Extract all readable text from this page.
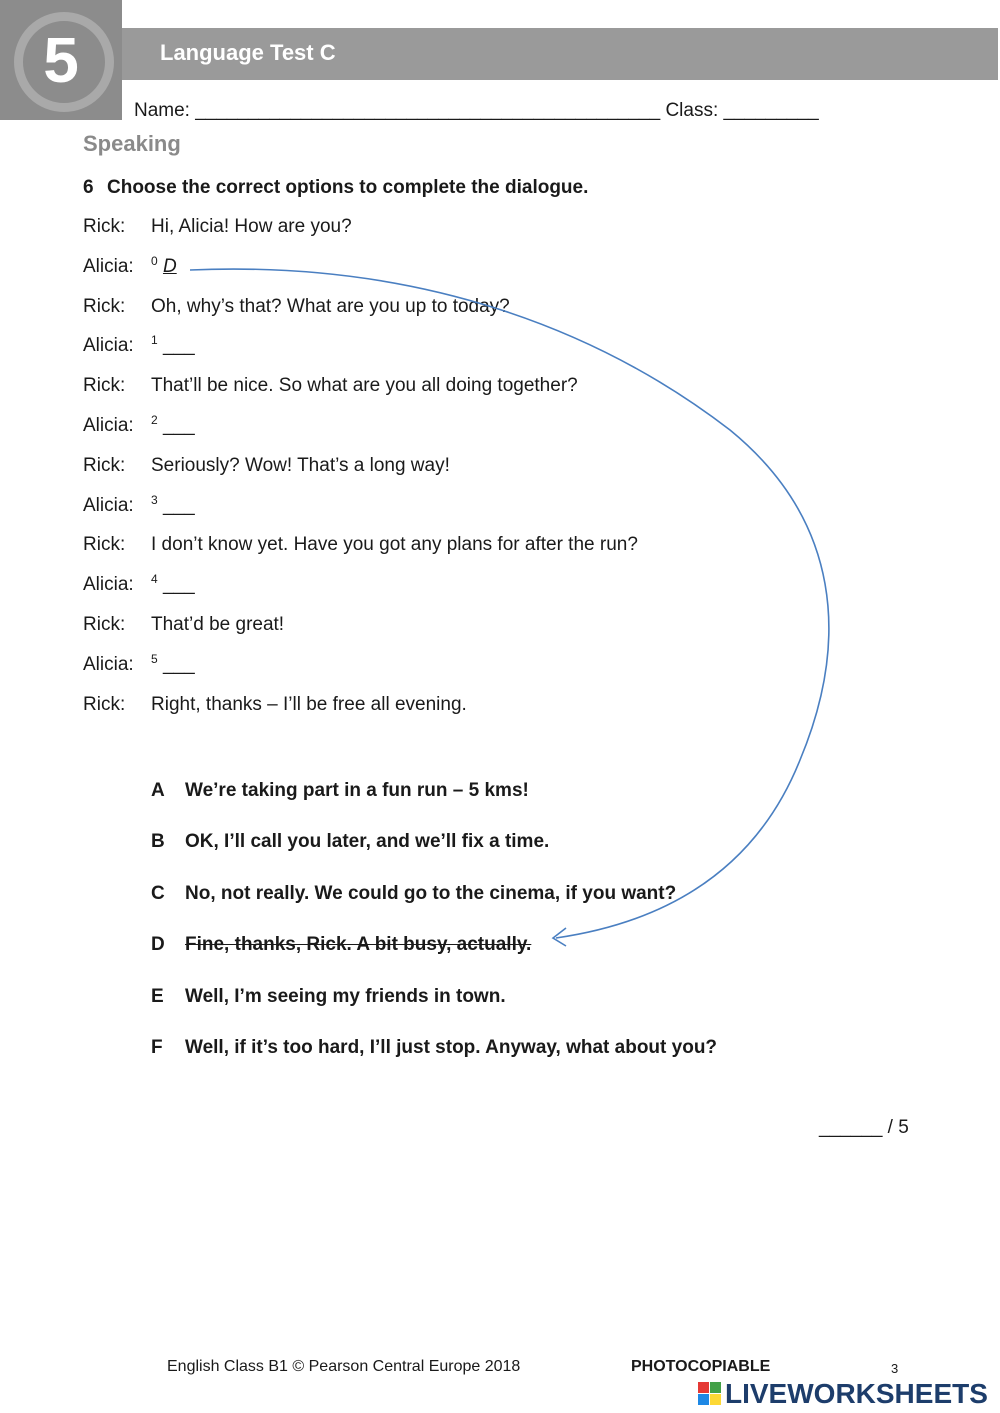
5	Language Test C
Name: ____________________________________________ Class: _________
Speaking
6 Choose the correct options to complete the dialogue.
Rick: Hi, Alicia! How are you?
Alicia: $^0$ D
Rick: Oh, why’s that? What are you up to today?
Alicia: $^1$ ___
Rick: That’ll be nice. So what are you all doing together?
Alicia: $^2$ ___
Rick: Seriously? Wow! That’s a long way!
Alicia: $^3$ ___
Rick: I don’t know yet. Have you got any plans for after the run?
Alicia: $^4$ ___
Rick: That’d be great!
Alicia: $^5$ ___
Rick: Right, thanks – I’ll be free all evening.
A We’re taking part in a fun run – 5 kms!
B OK, I’ll call you later, and we’ll fix a time.
C No, not really. We could go to the cinema, if you want?
D Fine, thanks, Rick. A bit busy, actually.
E Well, I’m seeing my friends in town.
F Well, if it’s too hard, I’ll just stop. Anyway, what about you?
______ / 5
English Class B1 © Pearson Central Europe 2018	PHOTOCOPIABLE	3
LIVEWORKSHEETS
